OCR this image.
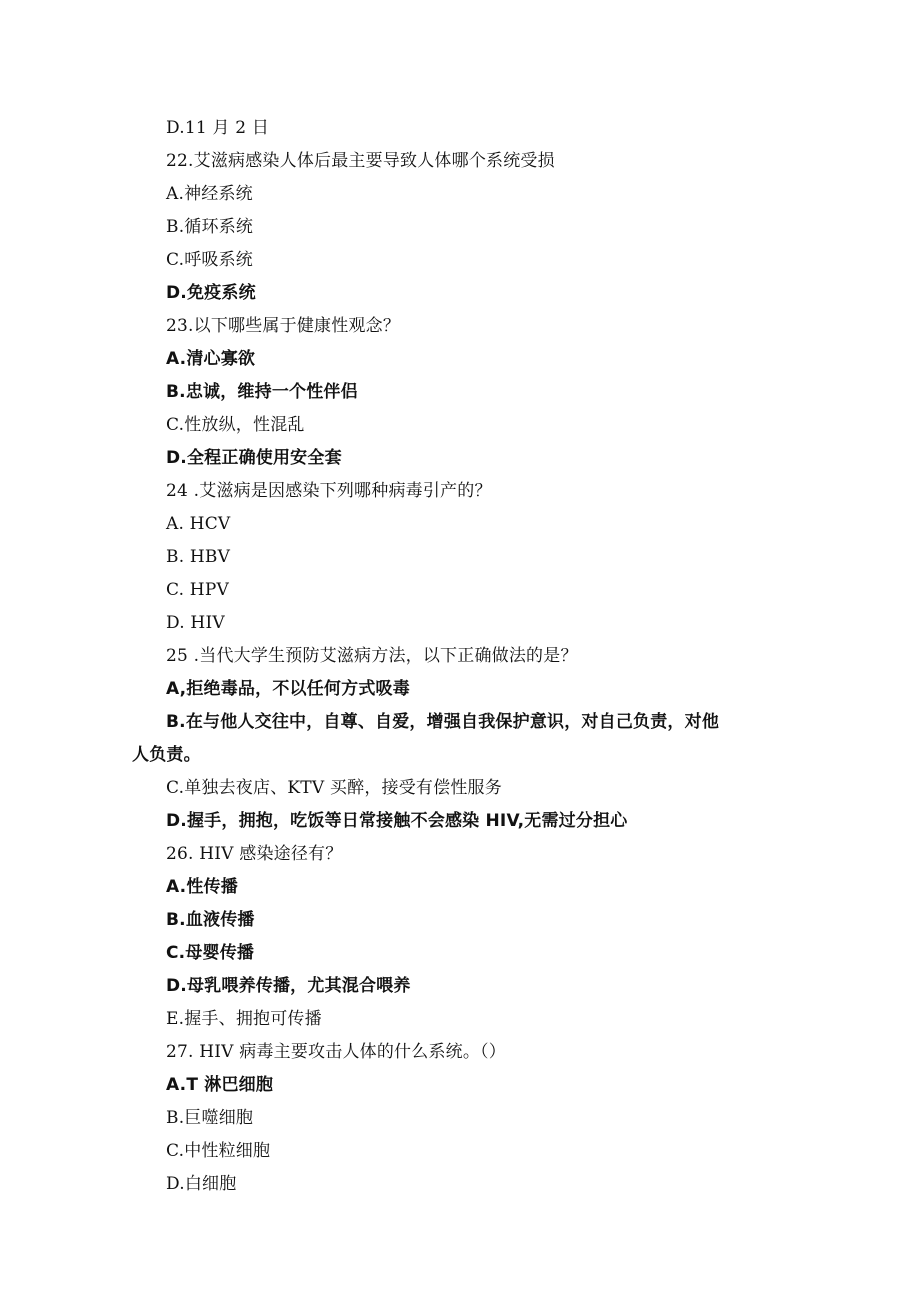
D.11 月 2 日
22.艾滋病感染人体后最主要导致人体哪个系统受损
A.神经系统
B.循环系统
C.呼吸系统
D.免疫系统
23.以下哪些属于健康性观念？
A.清心寡欲
B.忠诚，维持一个性伴侣
C.性放纵，性混乱
D.全程正确使用安全套
24 .艾滋病是因感染下列哪种病毒引产的？
A. HCV
B. HBV
C. HPV
D. HIV
25 .当代大学生预防艾滋病方法，以下正确做法的是？
A,拒绝毒品，不以任何方式吸毒
B.在与他人交往中，自尊、自爱，增强自我保护意识，对自己负责，对他
人负责。
C.单独去夜店、KTV 买醉，接受有偿性服务
D.握手，拥抱，吃饭等日常接触不会感染 HIV,无需过分担心
26. HIV 感染途径有？
A.性传播
B.血液传播
C.母婴传播
D.母乳喂养传播，尤其混合喂养
E.握手、拥抱可传播
27. HIV 病毒主要攻击人体的什么系统。（）
A.T 淋巴细胞
B.巨噬细胞
C.中性粒细胞
D.白细胞
